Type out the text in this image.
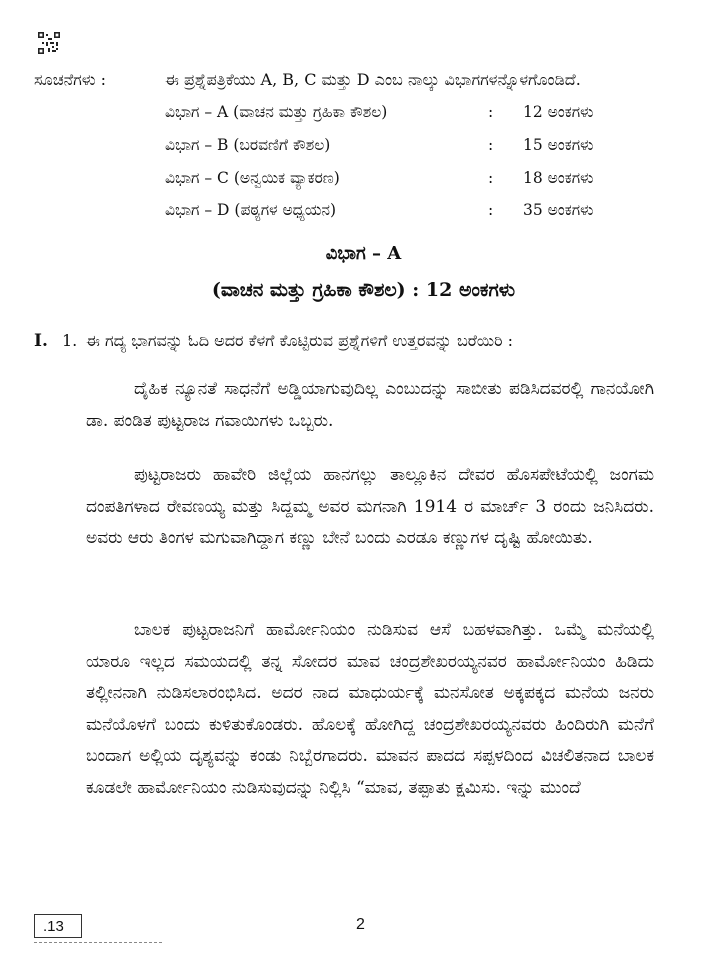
ಸೂಚನೆಗಳು :	ಈ ಪ್ರಶ್ನೆಪತ್ರಿಕೆಯು A, B, C ಮತ್ತು D ಎಂಬ ನಾಲ್ಕು ವಿಭಾಗಗಳನ್ನೊಳಗೊಂಡಿದೆ.
ವಿಭಾಗ – A (ವಾಚನ ಮತ್ತು ಗ್ರಹಿಕಾ ಕೌಶಲ)	: 12 ಅಂಕಗಳು
ವಿಭಾಗ – B (ಬರವಣಿಗೆ ಕೌಶಲ)	: 15 ಅಂಕಗಳು
ವಿಭಾಗ – C (ಅನ್ವಯಿಕ ವ್ಯಾಕರಣ)	: 18 ಅಂಕಗಳು
ವಿಭಾಗ – D (ಪಠ್ಯಗಳ ಅಧ್ಯಯನ)	: 35 ಅಂಕಗಳು
ವಿಭಾಗ – A
(ವಾಚನ ಮತ್ತು ಗ್ರಹಿಕಾ ಕೌಶಲ) : 12 ಅಂಕಗಳು
I. 1. ಈ ಗದ್ಯ ಭಾಗವನ್ನು ಓದಿ ಅದರ ಕೆಳಗೆ ಕೊಟ್ಟಿರುವ ಪ್ರಶ್ನೆಗಳಿಗೆ ಉತ್ತರವನ್ನು ಬರೆಯಿರಿ :
ದೈಹಿಕ ನ್ಯೂನತೆ ಸಾಧನೆಗೆ ಅಡ್ಡಿಯಾಗುವುದಿಲ್ಲ ಎಂಬುದನ್ನು ಸಾಬೀತು ಪಡಿಸಿದವರಲ್ಲಿ ಗಾನಯೋಗಿ ಡಾ. ಪಂಡಿತ ಪುಟ್ಟರಾಜ ಗವಾಯಿಗಳು ಒಬ್ಬರು.
ಪುಟ್ಟರಾಜರು ಹಾವೇರಿ ಜಿಲ್ಲೆಯ ಹಾನಗಲ್ಲು ತಾಲ್ಲೂಕಿನ ದೇವರ ಹೊಸಪೇಟೆಯಲ್ಲಿ ಜಂಗಮ ದಂಪತಿಗಳಾದ ರೇವಣಯ್ಯ ಮತ್ತು ಸಿದ್ದಮ್ಮ ಅವರ ಮಗನಾಗಿ 1914 ರ ಮಾರ್ಚ್ 3 ರಂದು ಜನಿಸಿದರು. ಅವರು ಆರು ತಿಂಗಳ ಮಗುವಾಗಿದ್ದಾಗ ಕಣ್ಣು ಬೇನೆ ಬಂದು ಎರಡೂ ಕಣ್ಣುಗಳ ದೃಷ್ಟಿ ಹೋಯಿತು.
ಬಾಲಕ ಪುಟ್ಟರಾಜನಿಗೆ ಹಾರ್ಮೋನಿಯಂ ನುಡಿಸುವ ಆಸೆ ಬಹಳವಾಗಿತ್ತು. ಒಮ್ಮೆ ಮನೆಯಲ್ಲಿ ಯಾರೂ ಇಲ್ಲದ ಸಮಯದಲ್ಲಿ ತನ್ನ ಸೋದರ ಮಾವ ಚಂದ್ರಶೇಖರಯ್ಯನವರ ಹಾರ್ಮೋನಿಯಂ ಹಿಡಿದು ತಲ್ಲೀನನಾಗಿ ನುಡಿಸಲಾರಂಭಿಸಿದ. ಅದರ ನಾದ ಮಾಧುರ್ಯಕ್ಕೆ ಮನಸೋತ ಅಕ್ಕಪಕ್ಕದ ಮನೆಯ ಜನರು ಮನೆಯೊಳಗೆ ಬಂದು ಕುಳಿತುಕೊಂಡರು. ಹೊಲಕ್ಕೆ ಹೋಗಿದ್ದ ಚಂದ್ರಶೇಖರಯ್ಯನವರು ಹಿಂದಿರುಗಿ ಮನೆಗೆ ಬಂದಾಗ ಅಲ್ಲಿಯ ದೃಶ್ಯವನ್ನು ಕಂಡು ನಿಬ್ಬೆರಗಾದರು. ಮಾವನ ಪಾದದ ಸಪ್ಪಳದಿಂದ ವಿಚಲಿತನಾದ ಬಾಲಕ ಕೂಡಲೇ ಹಾರ್ಮೋನಿಯಂ ನುಡಿಸುವುದನ್ನು ನಿಲ್ಲಿಸಿ “ಮಾವ, ತಪ್ಪಾತು ಕ್ಷಮಿಸು. ಇನ್ನು ಮುಂದೆ
.13	2
